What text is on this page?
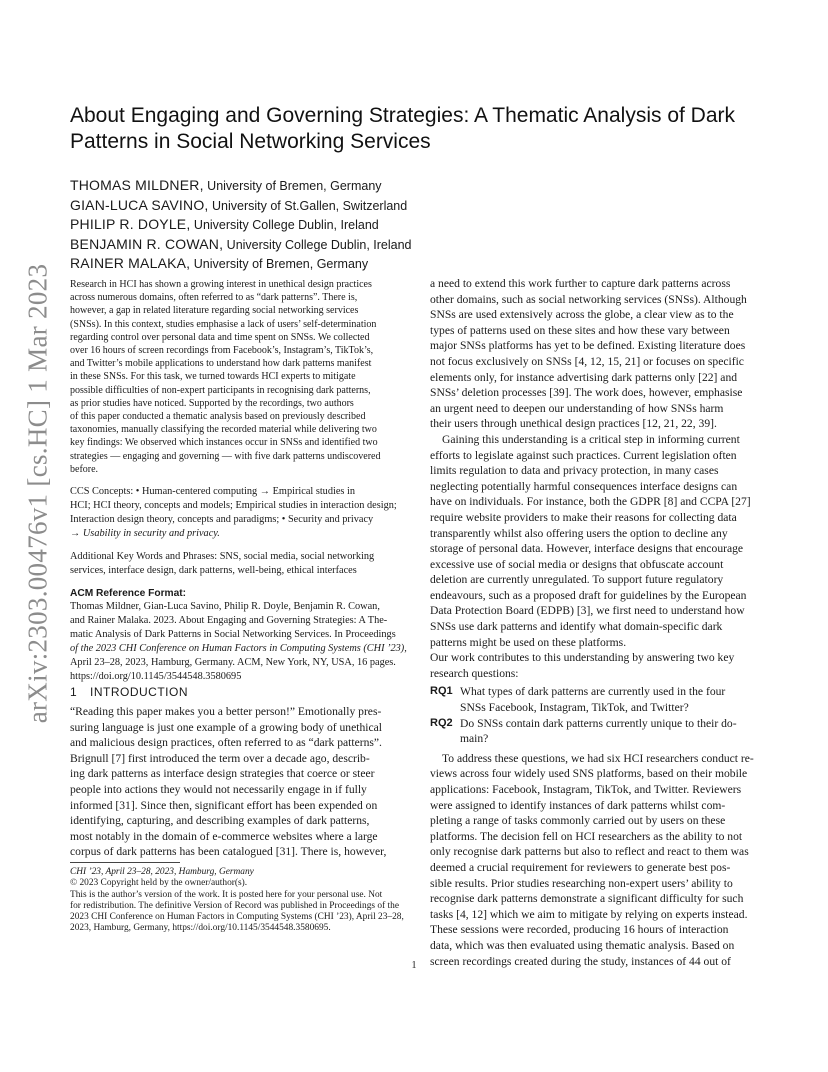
arXiv:2303.00476v1 [cs.HC] 1 Mar 2023
About Engaging and Governing Strategies: A Thematic Analysis of Dark
Patterns in Social Networking Services
THOMAS MILDNER, University of Bremen, Germany
GIAN-LUCA SAVINO, University of St.Gallen, Switzerland
PHILIP R. DOYLE, University College Dublin, Ireland
BENJAMIN R. COWAN, University College Dublin, Ireland
RAINER MALAKA, University of Bremen, Germany
Research in HCI has shown a growing interest in unethical design practices
across numerous domains, often referred to as “dark patterns”. There is,
however, a gap in related literature regarding social networking services
(SNSs). In this context, studies emphasise a lack of users’ self-determination
regarding control over personal data and time spent on SNSs. We collected
over 16 hours of screen recordings from Facebook’s, Instagram’s, TikTok’s,
and Twitter’s mobile applications to understand how dark patterns manifest
in these SNSs. For this task, we turned towards HCI experts to mitigate
possible difficulties of non-expert participants in recognising dark patterns,
as prior studies have noticed. Supported by the recordings, two authors
of this paper conducted a thematic analysis based on previously described
taxonomies, manually classifying the recorded material while delivering two
key findings: We observed which instances occur in SNSs and identified two
strategies — engaging and governing — with five dark patterns undiscovered
before.
CCS Concepts: • Human-centered computing → Empirical studies in
HCI; HCI theory, concepts and models; Empirical studies in interaction design;
Interaction design theory, concepts and paradigms; • Security and privacy
→ Usability in security and privacy.
Additional Key Words and Phrases: SNS, social media, social networking
services, interface design, dark patterns, well-being, ethical interfaces
ACM Reference Format:
Thomas Mildner, Gian-Luca Savino, Philip R. Doyle, Benjamin R. Cowan,
and Rainer Malaka. 2023. About Engaging and Governing Strategies: A The-
matic Analysis of Dark Patterns in Social Networking Services. In Proceedings
of the 2023 CHI Conference on Human Factors in Computing Systems (CHI ’23),
April 23–28, 2023, Hamburg, Germany. ACM, New York, NY, USA, 16 pages.
https://doi.org/10.1145/3544548.3580695
1 INTRODUCTION
“Reading this paper makes you a better person!” Emotionally pres-
suring language is just one example of a growing body of unethical
and malicious design practices, often referred to as “dark patterns”.
Brignull [7] first introduced the term over a decade ago, describ-
ing dark patterns as interface design strategies that coerce or steer
people into actions they would not necessarily engage in if fully
informed [31]. Since then, significant effort has been expended on
identifying, capturing, and describing examples of dark patterns,
most notably in the domain of e-commerce websites where a large
corpus of dark patterns has been catalogued [31]. There is, however,
CHI ’23, April 23–28, 2023, Hamburg, Germany
© 2023 Copyright held by the owner/author(s).
This is the author’s version of the work. It is posted here for your personal use. Not
for redistribution. The definitive Version of Record was published in Proceedings of the
2023 CHI Conference on Human Factors in Computing Systems (CHI ’23), April 23–28,
2023, Hamburg, Germany, https://doi.org/10.1145/3544548.3580695.
a need to extend this work further to capture dark patterns across
other domains, such as social networking services (SNSs). Although
SNSs are used extensively across the globe, a clear view as to the
types of patterns used on these sites and how these vary between
major SNSs platforms has yet to be defined. Existing literature does
not focus exclusively on SNSs [4, 12, 15, 21] or focuses on specific
elements only, for instance advertising dark patterns only [22] and
SNSs’ deletion processes [39]. The work does, however, emphasise
an urgent need to deepen our understanding of how SNSs harm
their users through unethical design practices [12, 21, 22, 39].
Gaining this understanding is a critical step in informing current
efforts to legislate against such practices. Current legislation often
limits regulation to data and privacy protection, in many cases
neglecting potentially harmful consequences interface designs can
have on individuals. For instance, both the GDPR [8] and CCPA [27]
require website providers to make their reasons for collecting data
transparently whilst also offering users the option to decline any
storage of personal data. However, interface designs that encourage
excessive use of social media or designs that obfuscate account
deletion are currently unregulated. To support future regulatory
endeavours, such as a proposed draft for guidelines by the European
Data Protection Board (EDPB) [3], we first need to understand how
SNSs use dark patterns and identify what domain-specific dark
patterns might be used on these platforms.
Our work contributes to this understanding by answering two key
research questions:
RQ1 What types of dark patterns are currently used in the four
SNSs Facebook, Instagram, TikTok, and Twitter?
RQ2 Do SNSs contain dark patterns currently unique to their do-
main?
To address these questions, we had six HCI researchers conduct re-
views across four widely used SNS platforms, based on their mobile
applications: Facebook, Instagram, TikTok, and Twitter. Reviewers
were assigned to identify instances of dark patterns whilst com-
pleting a range of tasks commonly carried out by users on these
platforms. The decision fell on HCI researchers as the ability to not
only recognise dark patterns but also to reflect and react to them was
deemed a crucial requirement for reviewers to generate best pos-
sible results. Prior studies researching non-expert users’ ability to
recognise dark patterns demonstrate a significant difficulty for such
tasks [4, 12] which we aim to mitigate by relying on experts instead.
These sessions were recorded, producing 16 hours of interaction
data, which was then evaluated using thematic analysis. Based on
screen recordings created during the study, instances of 44 out of
1
